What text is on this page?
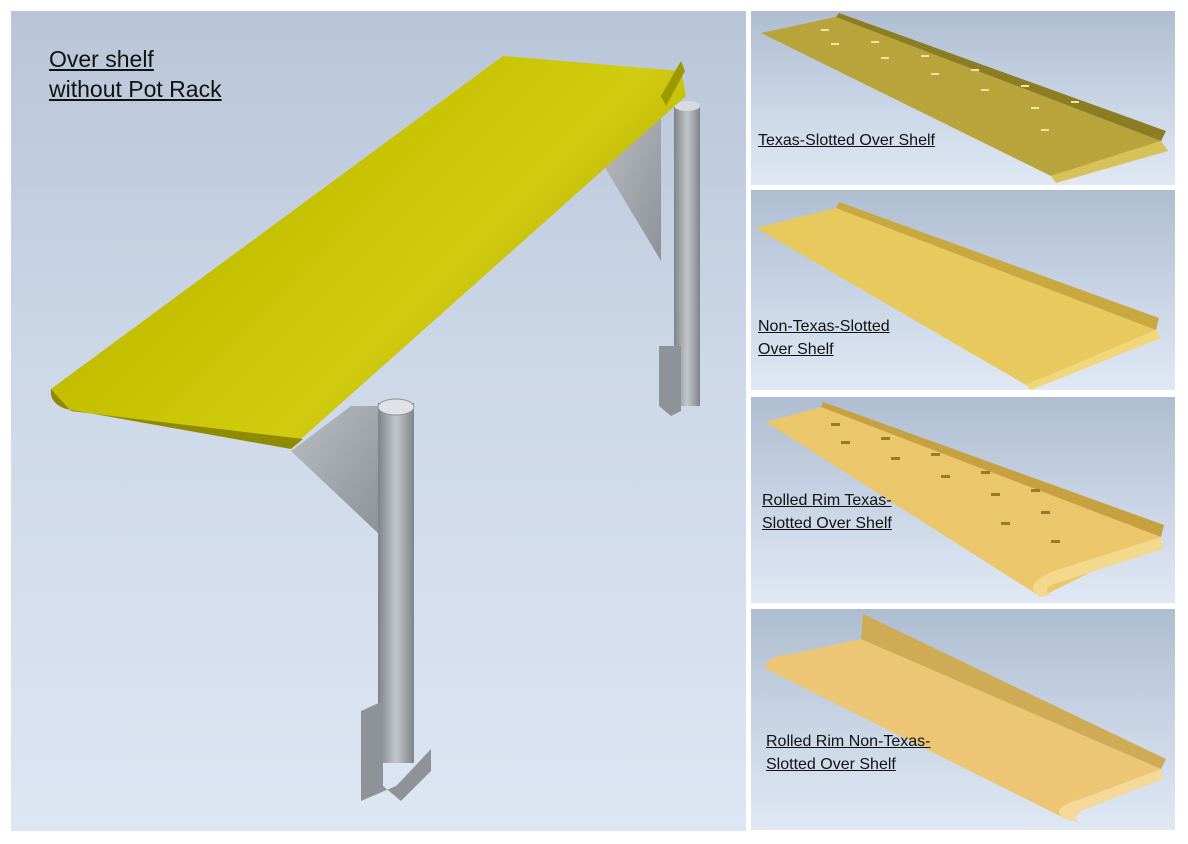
Over shelf
without Pot Rack
Texas-Slotted Over Shelf
Non-Texas-Slotted
Over Shelf
Rolled Rim Texas-
Slotted Over Shelf
Rolled Rim Non-Texas-
Slotted Over Shelf
